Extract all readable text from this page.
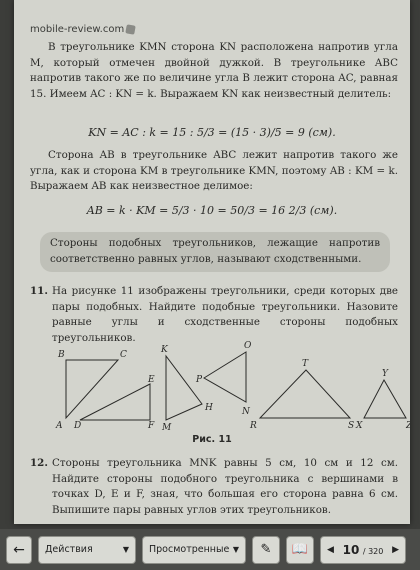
mobile-review.com
В треугольнике KMN сторона KN расположена напротив угла M, который отмечен двойной дужкой. В треугольнике ABC напротив такого же по величине угла B лежит сторона AC, равная 15. Имеем AC : KN = k. Выражаем KN как неизвестный делитель:
KN = AC : k = 15 : 5/3 = (15 · 3)/5 = 9 (см).
Сторона AB в треугольнике ABC лежит напротив такого же угла, как и сторона KM в треугольнике KMN, поэтому AB : KM = k. Выражаем AB как неизвестное делимое:
AB = k · KM = 5/3 · 10 = 50/3 = 16 2/3 (см).
Стороны подобных треугольников, лежащие напротив соответственно равных углов, называют сходственными.
На рисунке 11 изображены треугольники, среди которых две пары подобных. Найдите подобные треугольники. Назовите равные углы и сходственные стороны подобных треугольников.
11.
B	C
A D
E
F
K
M
H
P
O
N
T
R	S
Y
X	Z
Рис. 11
12. Стороны треугольника MNK равны 5 см, 10 см и 12 см. Найдите стороны подобного треугольника с вершинами в точках D, E и F, зная, что большая его сторона равна 6 см. Выпишите пары равных углов этих треугольников.
← Действия	▼ Просмотренные ▼ ✎ 📖 ◀ 10 / 320 ▶
